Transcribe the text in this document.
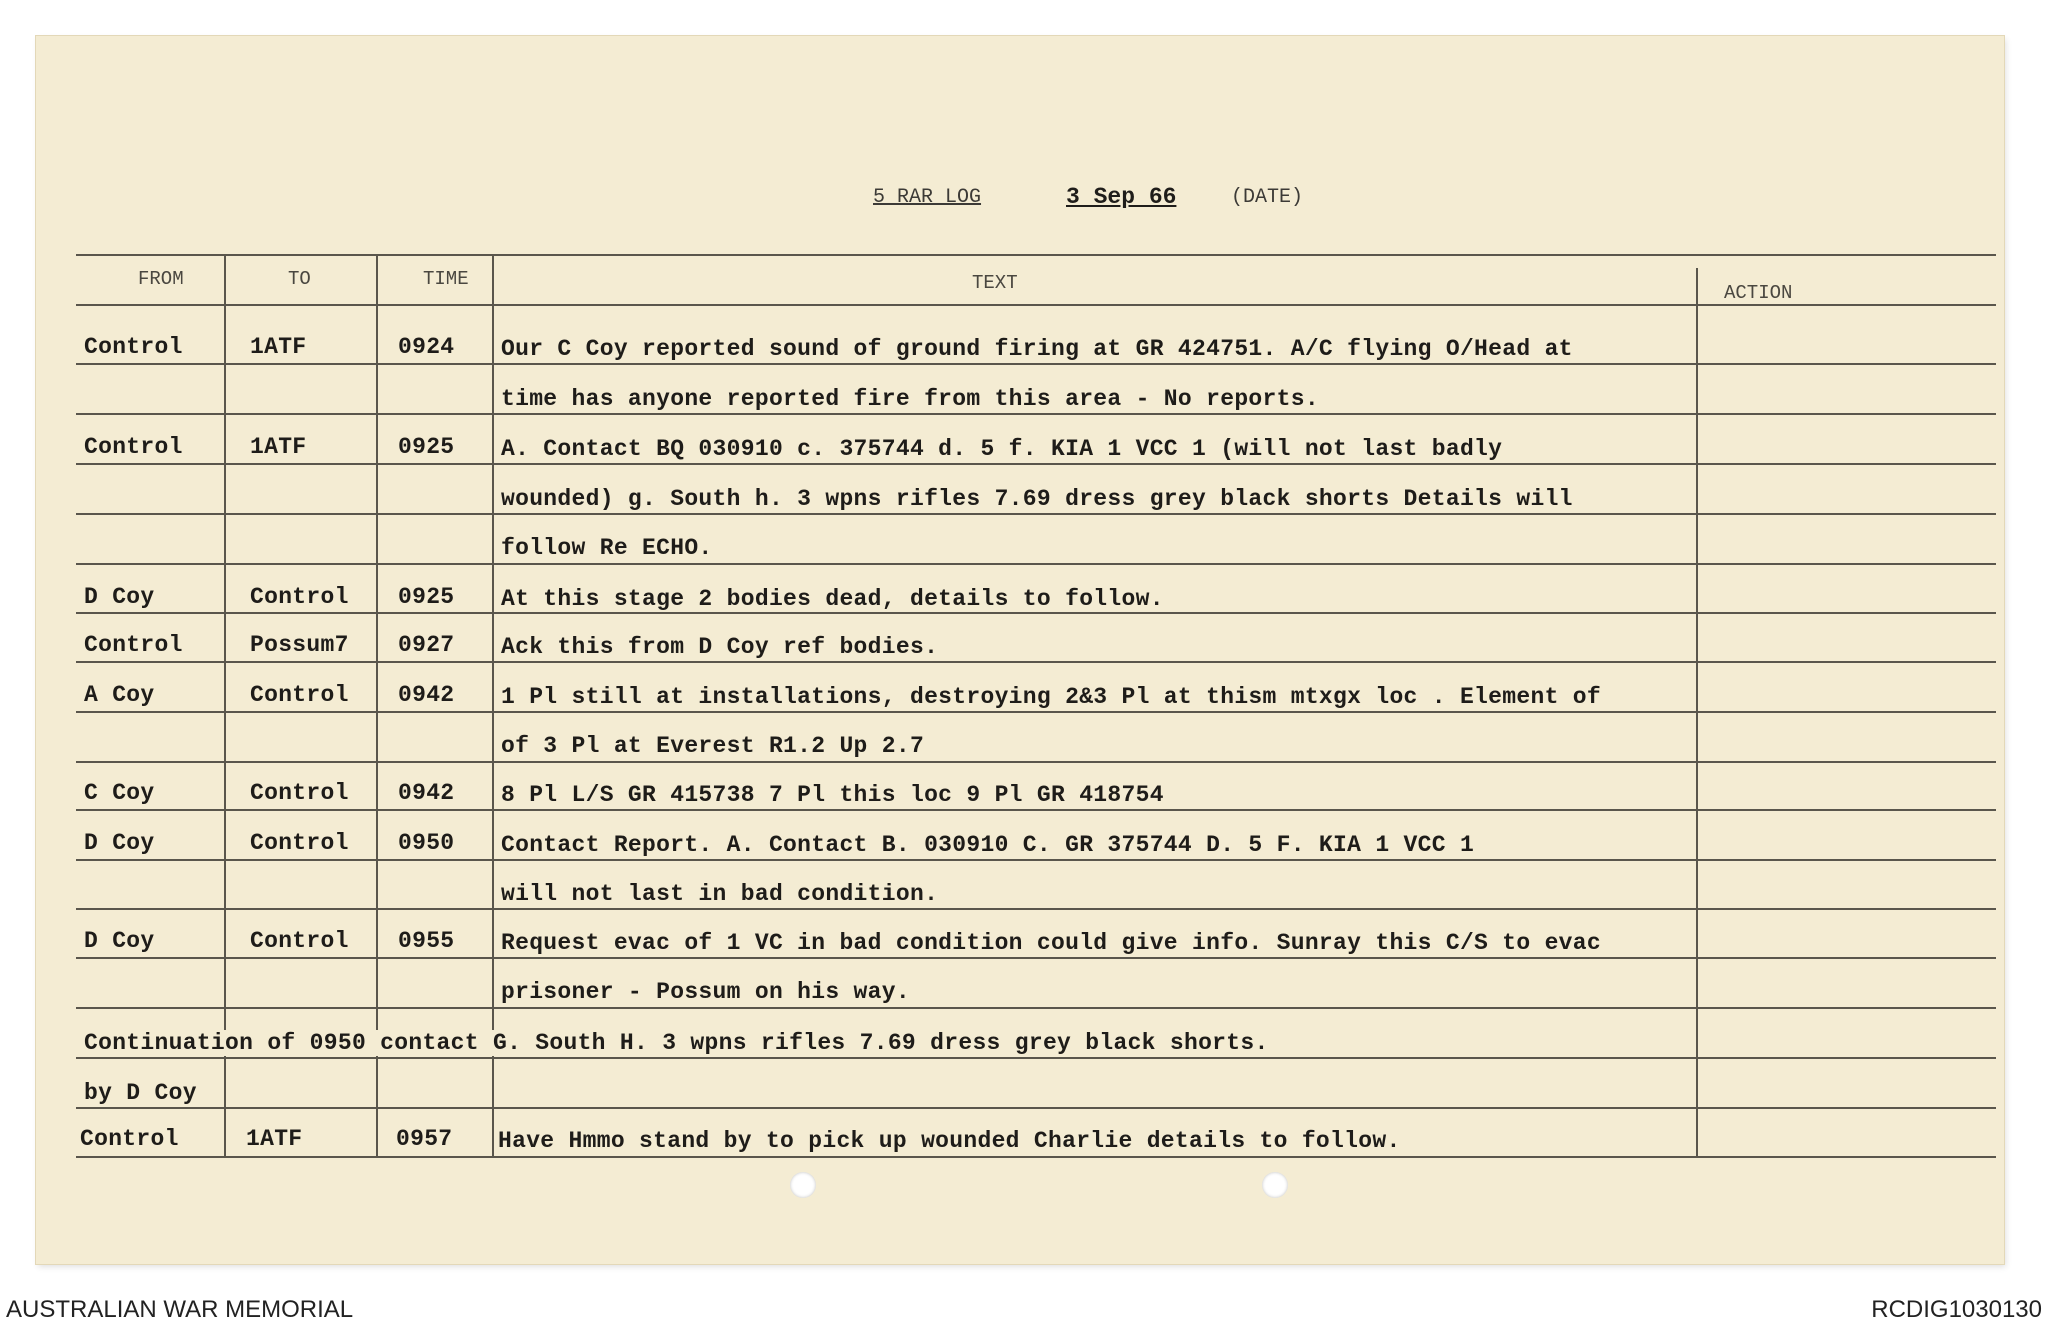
5 RAR LOG	3 Sep 66	(DATE)
FROM	TO	TIME	TEXT	ACTION
Control	1ATF	0924 Our C Coy reported sound of ground firing at GR 424751. A/C flying O/Head at
time has anyone reported fire from this area - No reports.
Control	1ATF	0925 A. Contact BQ 030910 c. 375744 d. 5 f. KIA 1 VCC 1 (will not last badly
wounded) g. South h. 3 wpns rifles 7.69 dress grey black shorts Details will
follow Re ECHO.
D Coy	Control 0925 At this stage 2 bodies dead, details to follow.
Control	Possum7 0927 Ack this from D Coy ref bodies.
A Coy	Control 0942 1 Pl still at installations, destroying 2&3 Pl at thism mtxgx loc . Element of
of 3 Pl at Everest R1.2 Up 2.7
C Coy	Control 0942 8 Pl L/S GR 415738 7 Pl this loc 9 Pl GR 418754
D Coy	Control 0950 Contact Report. A. Contact B. 030910 C. GR 375744 D. 5 F. KIA 1 VCC 1
will not last in bad condition.
D Coy	Control 0955 Request evac of 1 VC in bad condition could give info. Sunray this C/S to evac
prisoner - Possum on his way.
Continuation of 0950 contact G. South H. 3 wpns rifles 7.69 dress grey black shorts.
by D Coy
Control	1ATF	0957 Have Hmmo stand by to pick up wounded Charlie details to follow.
AUSTRALIAN WAR MEMORIAL	RCDIG1030130
